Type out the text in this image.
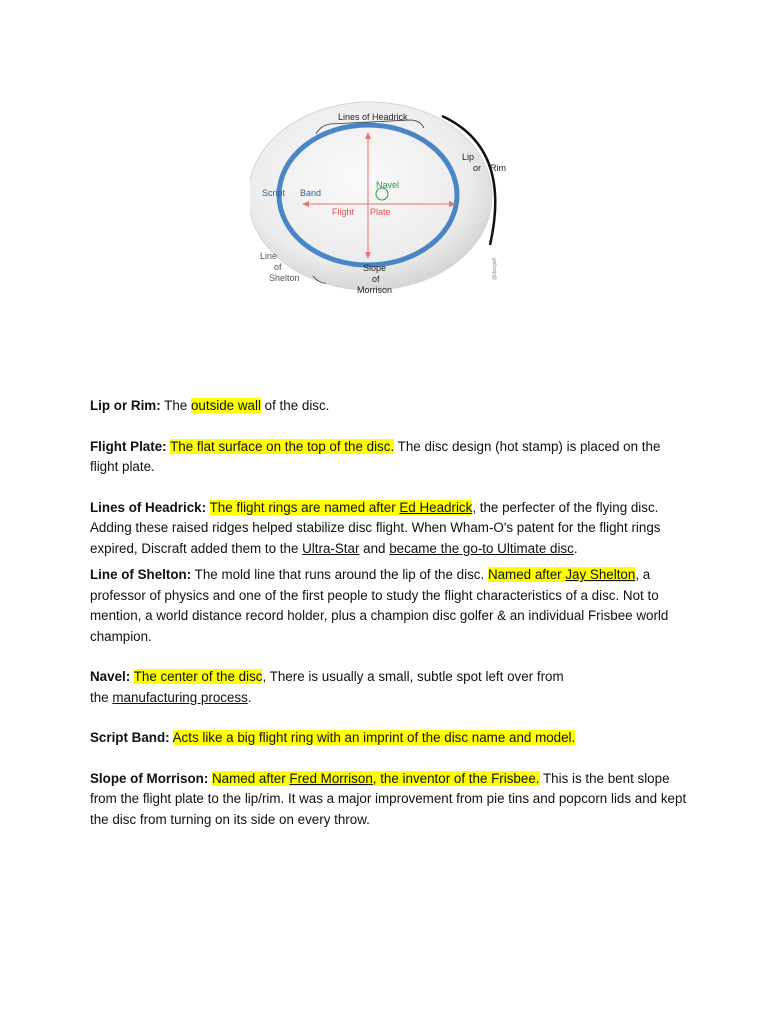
Lines of Headrick
Lip
or Rim
Script Band
Navel
Flight Plate
Line
of
Shelton
Slope
of
Morrison
@discgolf

Lip or Rim: The outside wall of the disc.

Flight Plate: The flat surface on the top of the disc. The disc design (hot stamp) is placed on the flight plate.

Lines of Headrick: The flight rings are named after Ed Headrick, the perfecter of the flying disc. Adding these raised ridges helped stabilize disc flight. When Wham-O's patent for the flight rings expired, Discraft added them to the Ultra-Star and became the go-to Ultimate disc.

Line of Shelton: The mold line that runs around the lip of the disc. Named after Jay Shelton, a professor of physics and one of the first people to study the flight characteristics of a disc. Not to mention, a world distance record holder, plus a champion disc golfer & an individual Frisbee world champion.

Navel: The center of the disc, There is usually a small, subtle spot left over from
the manufacturing process.

Script Band: Acts like a big flight ring with an imprint of the disc name and model.

Slope of Morrison: Named after Fred Morrison, the inventor of the Frisbee. This is the bent slope from the flight plate to the lip/rim. It was a major improvement from pie tins and popcorn lids and kept the disc from turning on its side on every throw.
